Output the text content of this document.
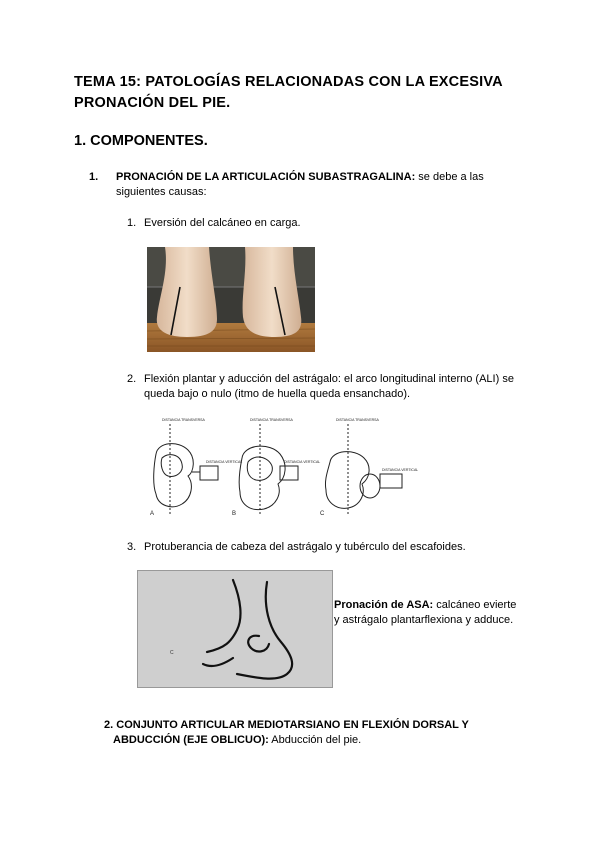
TEMA 15: PATOLOGÍAS RELACIONADAS CON LA EXCESIVA
PRONACIÓN DEL PIE.
1. COMPONENTES.
1. PRONACIÓN DE LA ARTICULACIÓN SUBASTRAGALINA: se debe a las
siguientes causas:
1. Eversión del calcáneo en carga.
2. Flexión plantar y aducción del astrágalo: el arco longitudinal interno (ALI) se
queda bajo o nulo (itmo de huella queda ensanchado).
DISTANCIA TRANSVERSA
DISTANCIA VERTICAL
DISTANCIA TRANSVERSA
DISTANCIA VERTICAL
DISTANCIA TRANSVERSA
DISTANCIA VERTICAL
A	B	C
3. Protuberancia de cabeza del astrágalo y tubérculo del escafoides.
C
Pronación de ASA: calcáneo evierte
y astrágalo plantarflexiona y adduce.
2. CONJUNTO ARTICULAR MEDIOTARSIANO EN FLEXIÓN DORSAL Y
ABDUCCIÓN (EJE OBLICUO): Abducción del pie.
